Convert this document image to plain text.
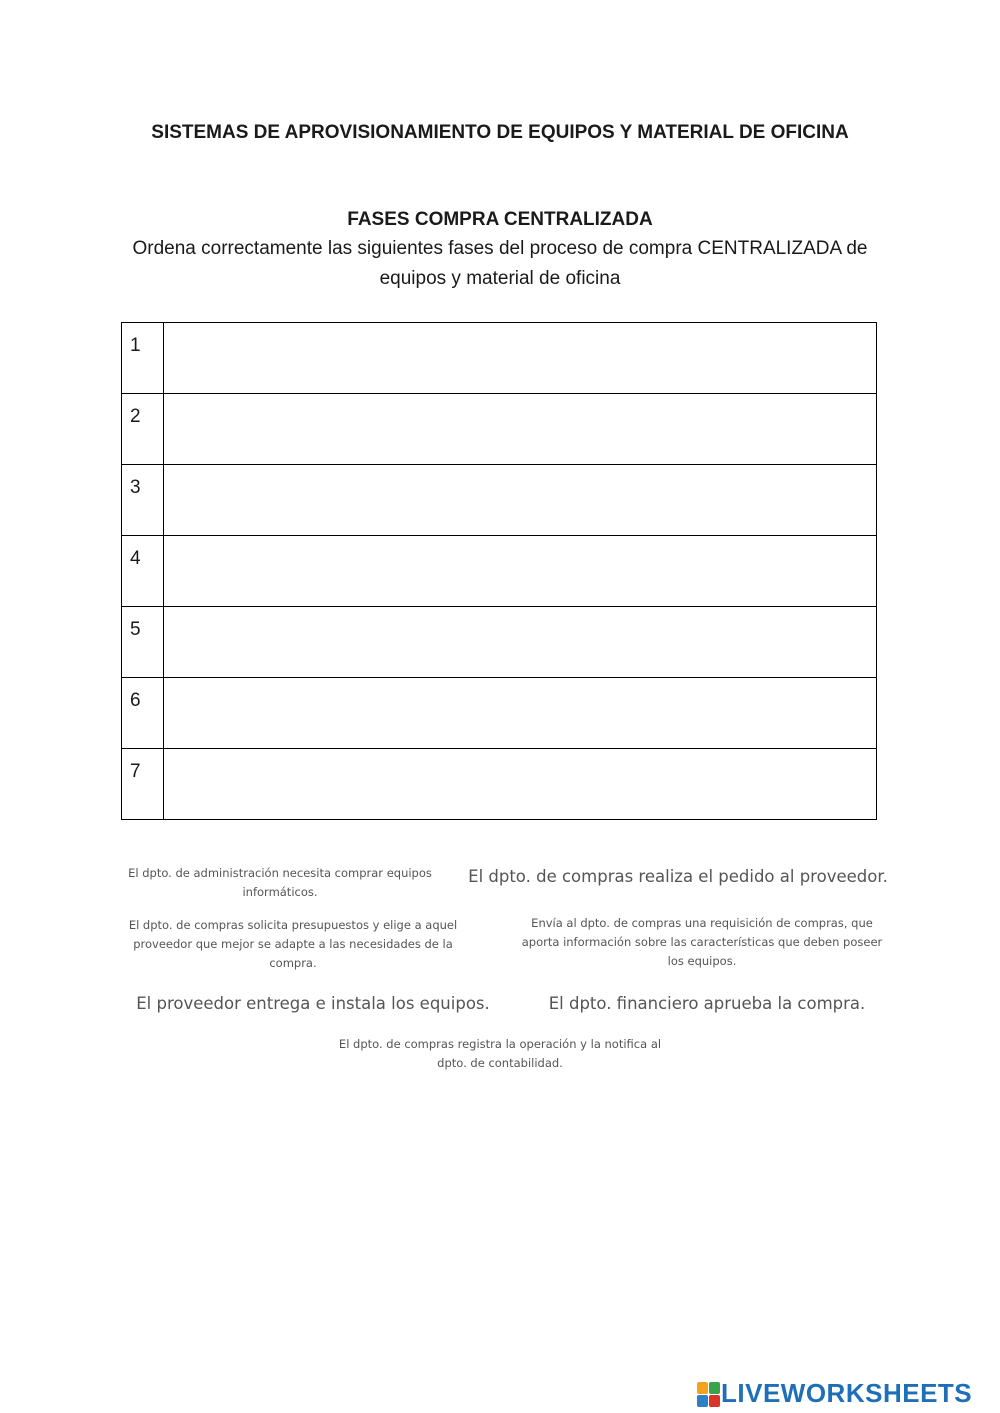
SISTEMAS DE APROVISIONAMIENTO DE EQUIPOS Y MATERIAL DE OFICINA
FASES COMPRA CENTRALIZADA
Ordena correctamente las siguientes fases del proceso de compra CENTRALIZADA de equipos y material de oficina
1	
2	
3	
4	
5	
6	
7	
El dpto. de administración necesita comprar equipos informáticos.
El dpto. de compras realiza el pedido al proveedor.
El dpto. de compras solicita presupuestos y elige a aquel proveedor que mejor se adapte a las necesidades de la compra.
Envía al dpto. de compras una requisición de compras, que aporta información sobre las características que deben poseer los equipos.
El proveedor entrega e instala los equipos.	El dpto. financiero aprueba la compra.
El dpto. de compras registra la operación y la notifica al dpto. de contabilidad.
LIVEWORKSHEETS
